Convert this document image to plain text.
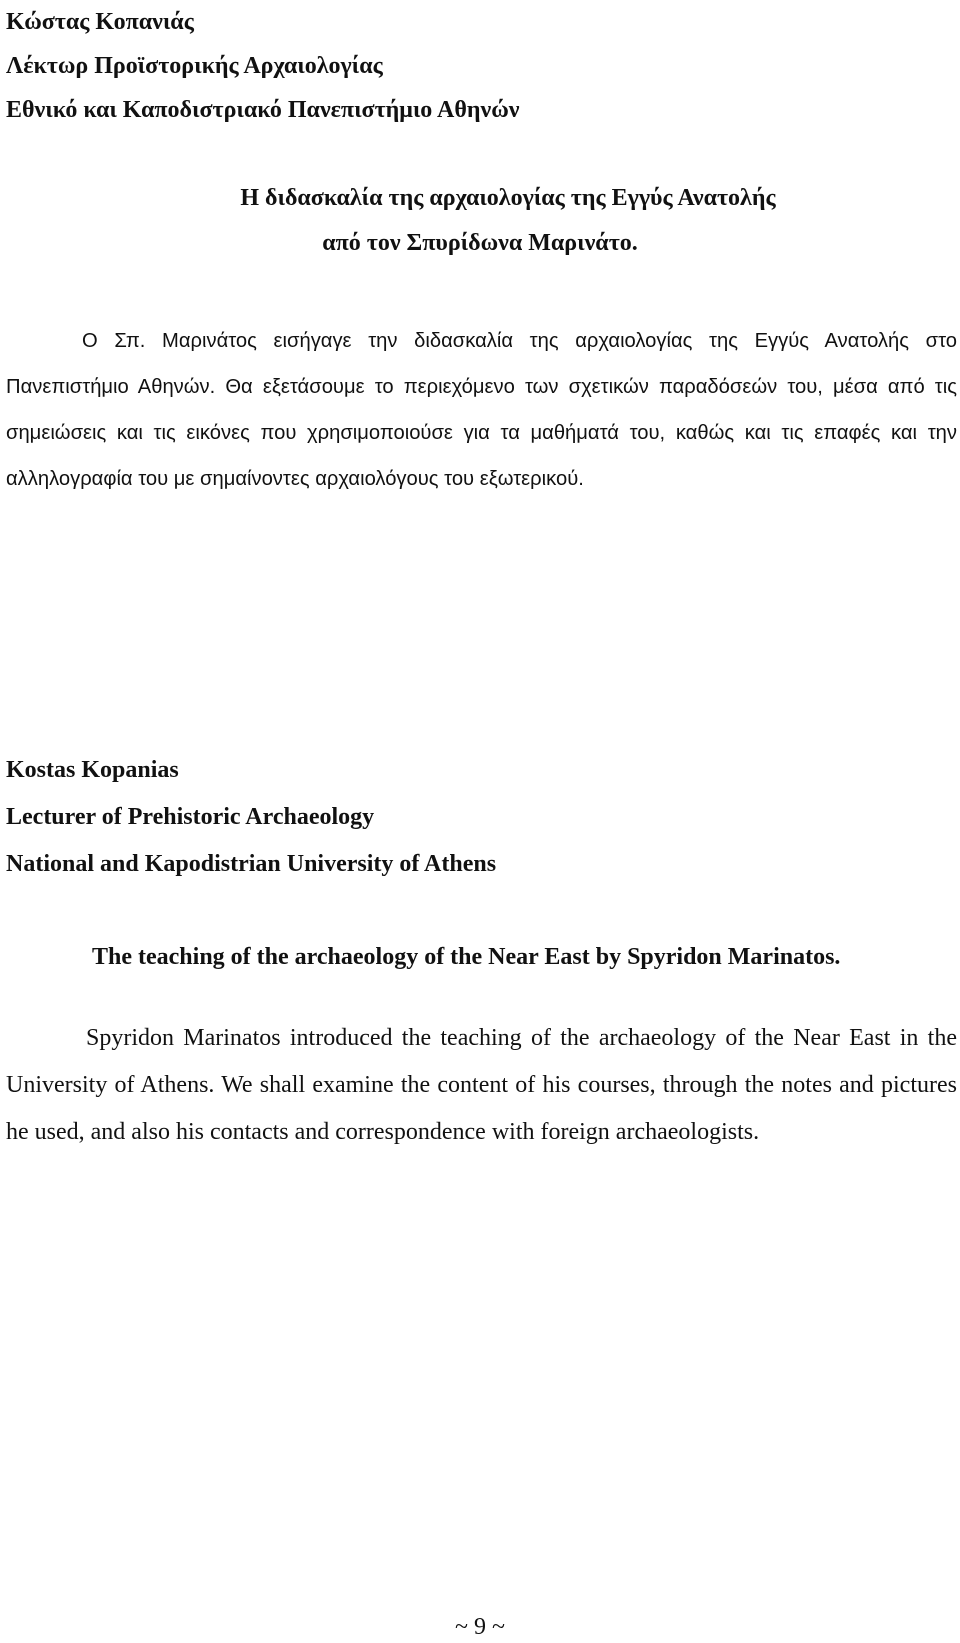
Κώστας Κοπανιάς
Λέκτωρ Προϊστορικής Αρχαιολογίας
Εθνικό και Καποδιστριακό Πανεπιστήμιο Αθηνών
Η διδασκαλία της αρχαιολογίας της Εγγύς Ανατολής
από τον Σπυρίδωνα Μαρινάτο.

Ο Σπ. Μαρινάτος εισήγαγε την διδασκαλία της αρχαιολογίας της Εγγύς Ανατολής στο Πανεπιστήμιο Αθηνών. Θα εξετάσουμε το περιεχόμενο των σχετικών παραδόσεών του, μέσα από τις σημειώσεις και τις εικόνες που χρησιμοποιούσε για τα μαθήματά του, καθώς και τις επαφές και την αλληλογραφία του με σημαίνοντες αρχαιολόγους του εξωτερικού.

Kostas Kopanias
Lecturer of Prehistoric Archaeology
National and Kapodistrian University of Athens
The teaching of the archaeology of the Near East by Spyridon Marinatos.

Spyridon Marinatos introduced the teaching of the archaeology of the Near East in the University of Athens. We shall examine the content of his courses, through the notes and pictures he used, and also his contacts and correspondence with foreign archaeologists.

~ 9 ~
